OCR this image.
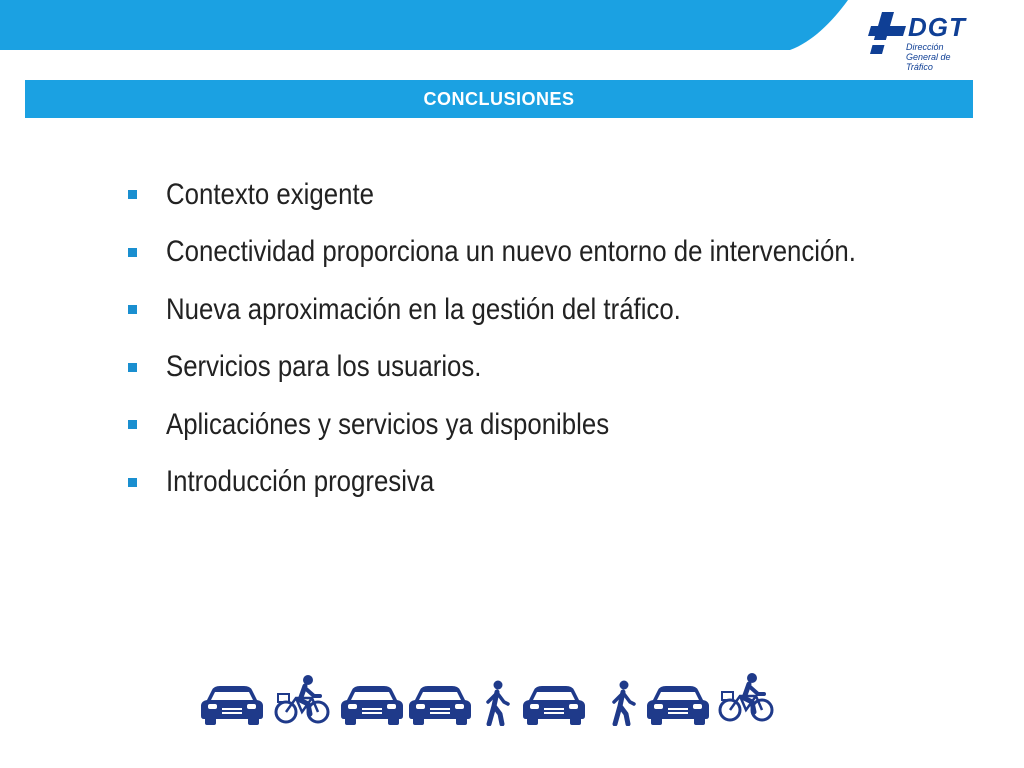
DGT
Dirección General de Tráfico
CONCLUSIONES
Contexto exigente
Conectividad proporciona un nuevo entorno de intervención.
Nueva aproximación en la gestión del tráfico.
Servicios para los usuarios.
Aplicaciónes y servicios ya disponibles
Introducción progresiva
